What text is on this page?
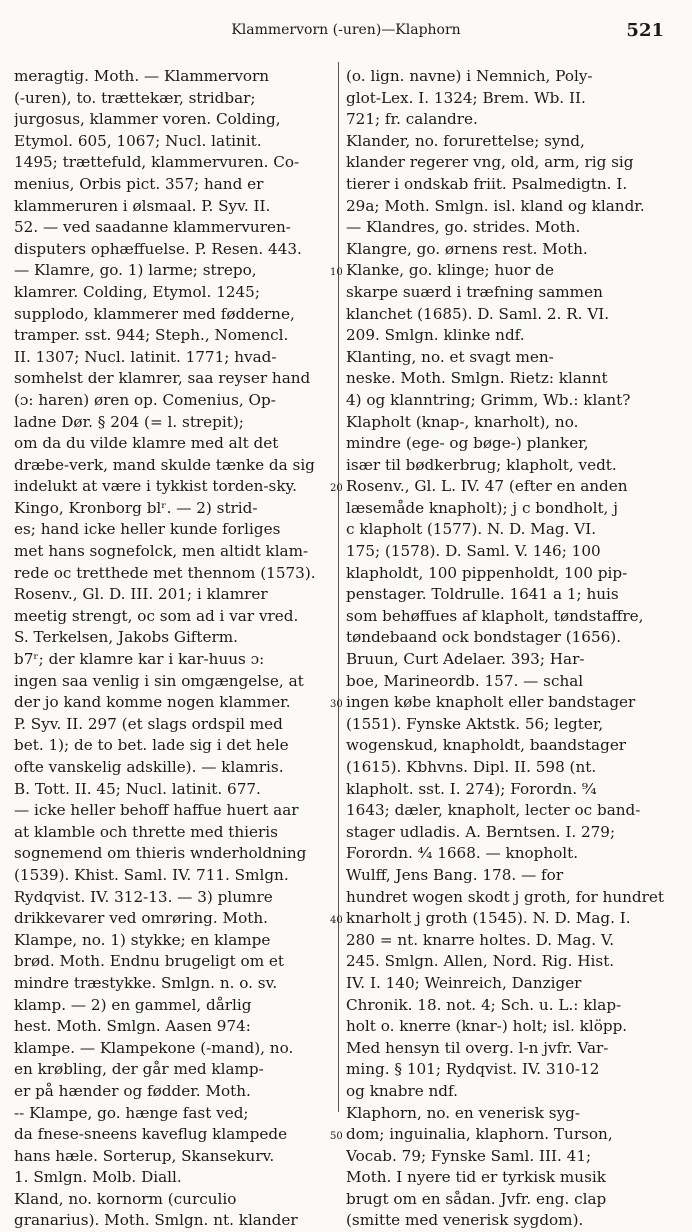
Klammervorn (-uren)—Klaphorn	521
meragtig. Moth. — Klammervorn
(-uren), to. trættekær, stridbar;
jurgosus, klammer voren. Colding,
Etymol. 605, 1067; Nucl. latinit.
1495; trættefuld, klammervuren. Co-
menius, Orbis pict. 357; hand er
klammeruren i ølsmaal. P. Syv. II.
52. — ved saadanne klammervuren-
disputers ophæffuelse. P. Resen. 443.
— Klamre, go. 1) larme; strepo,
klamrer. Colding, Etymol. 1245;
supplodo, klammerer med fødderne,
tramper. sst. 944; Steph., Nomencl.
II. 1307; Nucl. latinit. 1771; hvad-
somhelst der klamrer, saa reyser hand
(ɔ: haren) øren op. Comenius, Op-
ladne Dør. § 204 (= l. strepit);
om da du vilde klamre med alt det
dræbe-verk, mand skulde tænke da sig
indelukt at være i tykkist torden-sky.
Kingo, Kronborg blʳ. — 2) strid-
es; hand icke heller kunde forliges
met hans sognefolck, men altidt klam-
rede oc tretthede met thennom (1573).
Rosenv., Gl. D. III. 201; i klamrer
meetig strengt, oc som ad i var vred.
S. Terkelsen, Jakobs Gifterm.
b7ʳ; der klamre kar i kar-huus ɔ:
ingen saa venlig i sin omgængelse, at
der jo kand komme nogen klammer.
P. Syv. II. 297 (et slags ordspil med
bet. 1); de to bet. lade sig i det hele
ofte vanskelig adskille). — klamris.
B. Tott. II. 45; Nucl. latinit. 677.
— icke heller behoff haffue huert aar
at klamble och thrette med thieris
sognemend om thieris wnderholdning
(1539). Khist. Saml. IV. 711. Smlgn.
Rydqvist. IV. 312-13. — 3) plumre
drikkevarer ved omrøring. Moth.
Klampe, no. 1) stykke; en klampe
brød. Moth. Endnu brugeligt om et
mindre træstykke. Smlgn. n. o. sv.
klamp. — 2) en gammel, dårlig
hest. Moth. Smlgn. Aasen 974:
klampe. — Klampekone (-mand), no.
en krøbling, der går med klamp-
er på hænder og fødder. Moth.
-- Klampe, go. hænge fast ved;
da fnese-sneens kaveflug klampede
hans hæle. Sorterup, Skansekurv.
1. Smlgn. Molb. Diall.
Kland, no. kornorm (curculio
granarius). Moth. Smlgn. nt. klander
10
20
30
40
50
(o. lign. navne) i Nemnich, Poly-
glot-Lex. I. 1324; Brem. Wb. II.
721; fr. calandre.
Klander, no. forurettelse; synd,
klander regerer vng, old, arm, rig sig
tierer i ondskab friit. Psalmedigtn. I.
29a; Moth. Smlgn. isl. kland og klandr.
— Klandres, go. strides. Moth.
Klangre, go. ørnens rest. Moth.
Klanke, go. klinge; huor de
skarpe suærd i træfning sammen
klanchet (1685). D. Saml. 2. R. VI.
209. Smlgn. klinke ndf.
Klanting, no. et svagt men-
neske. Moth. Smlgn. Rietz: klannt
4) og klanntring; Grimm, Wb.: klant?
Klapholt (knap-, knarholt), no.
mindre (ege- og bøge-) planker,
især til bødkerbrug; klapholt, vedt.
Rosenv., Gl. L. IV. 47 (efter en anden
læsemåde knapholt); j c bondholt, j
c klapholt (1577). N. D. Mag. VI.
175; (1578). D. Saml. V. 146; 100
klapholdt, 100 pippenholdt, 100 pip-
penstager. Toldrulle. 1641 a 1; huis
som behøffues af klapholt, tøndstaffre,
tøndebaand ock bondstager (1656).
Bruun, Curt Adelaer. 393; Har-
boe, Marineordb. 157. — schal
ingen købe knapholt eller bandstager
(1551). Fynske Aktstk. 56; legter,
wogenskud, knapholdt, baandstager
(1615). Kbhvns. Dipl. II. 598 (nt.
klapholt. sst. I. 274); Forordn. ⁹⁄₄
1643; dæler, knapholt, lecter oc band-
stager udladis. A. Berntsen. I. 279;
Forordn. ⁴⁄₄ 1668. — knopholt.
Wulff, Jens Bang. 178. — for
hundret wogen skodt j groth, for hundret
knarholt j groth (1545). N. D. Mag. I.
280 = nt. knarre holtes. D. Mag. V.
245. Smlgn. Allen, Nord. Rig. Hist.
IV. I. 140; Weinreich, Danziger
Chronik. 18. not. 4; Sch. u. L.: klap-
holt o. knerre (knar-) holt; isl. klöpp.
Med hensyn til overg. l-n jvfr. Var-
ming. § 101; Rydqvist. IV. 310-12
og knabre ndf.
Klaphorn, no. en venerisk syg-
dom; inguinalia, klaphorn. Turson,
Vocab. 79; Fynske Saml. III. 41;
Moth. I nyere tid er tyrkisk musik
brugt om en sådan. Jvfr. eng. clap
(smitte med venerisk sygdom).
